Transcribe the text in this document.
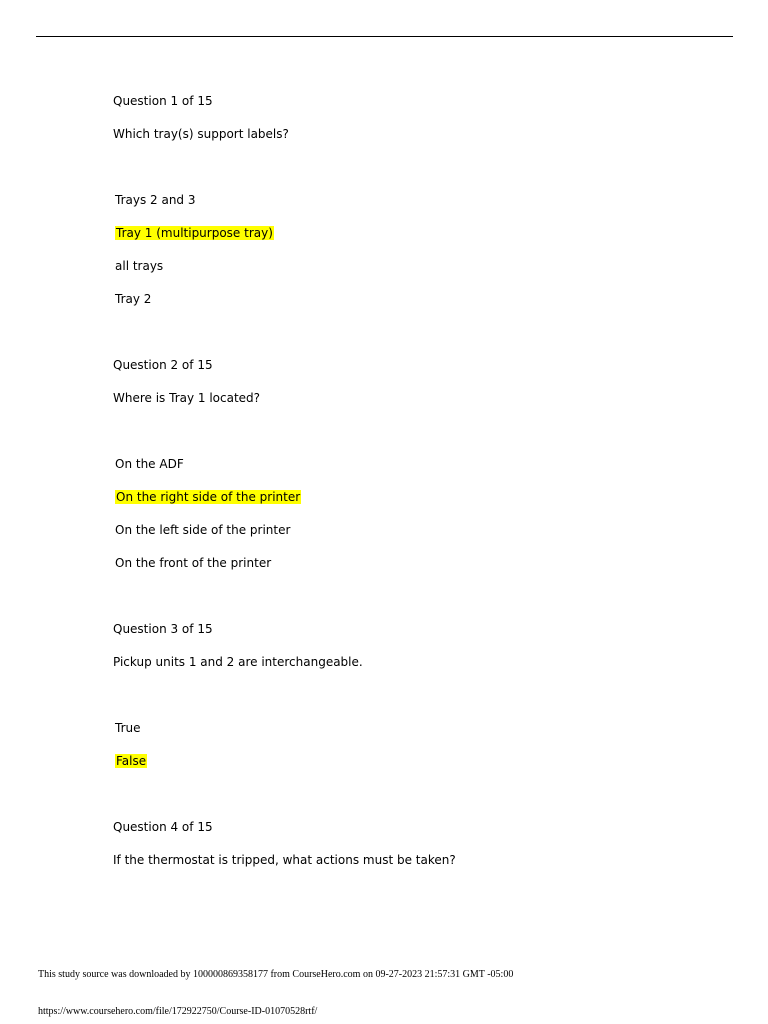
Question 1 of 15
Which tray(s) support labels?
Trays 2 and 3
Tray 1 (multipurpose tray)
all trays
Tray 2
Question 2 of 15
Where is Tray 1 located?
On the ADF
On the right side of the printer
On the left side of the printer
On the front of the printer
Question 3 of 15
Pickup units 1 and 2 are interchangeable.
True
False
Question 4 of 15
If the thermostat is tripped, what actions must be taken?
This study source was downloaded by 100000869358177 from CourseHero.com on 09-27-2023 21:57:31 GMT -05:00
https://www.coursehero.com/file/172922750/Course-ID-01070528rtf/
